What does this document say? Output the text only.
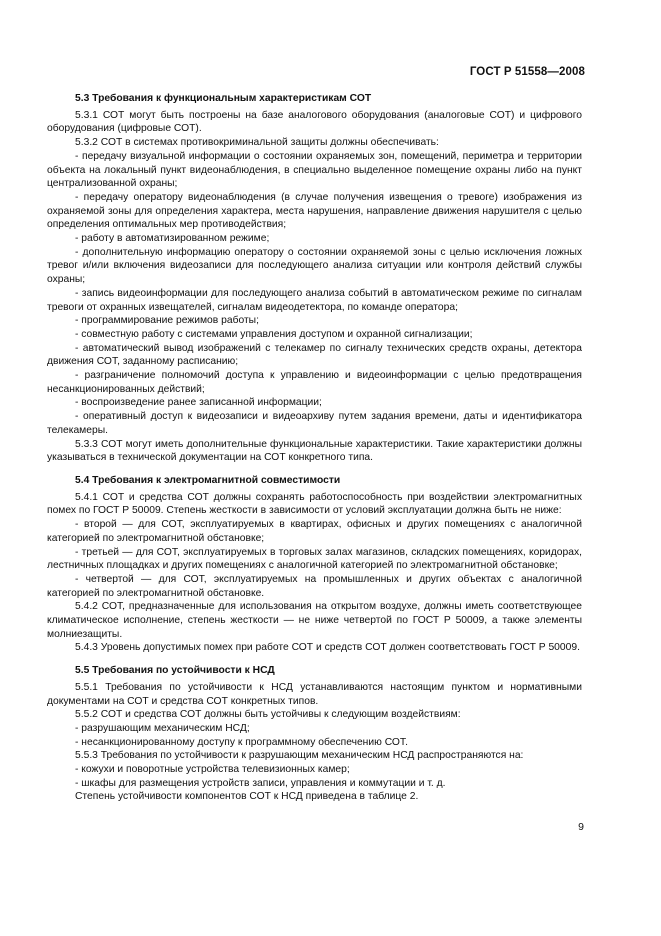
ГОСТ Р 51558—2008
5.3 Требования к функциональным характеристикам СОТ

5.3.1 СОТ могут быть построены на базе аналогового оборудования (аналоговые СОТ) и цифрового оборудования (цифровые СОТ).

5.3.2 СОТ в системах противокриминальной защиты должны обеспечивать:

- передачу визуальной информации о состоянии охраняемых зон, помещений, периметра и территории объекта на локальный пункт видеонаблюдения, в специально выделенное помещение охраны либо на пункт централизованной охраны;

- передачу оператору видеонаблюдения (в случае получения извещения о тревоге) изображения из охраняемой зоны для определения характера, места нарушения, направление движения нарушителя с целью определения оптимальных мер противодействия;

- работу в автоматизированном режиме;

- дополнительную информацию оператору о состоянии охраняемой зоны с целью исключения ложных тревог и/или включения видеозаписи для последующего анализа ситуации или контроля действий службы охраны;

- запись видеоинформации для последующего анализа событий в автоматическом режиме по сигналам тревоги от охранных извещателей, сигналам видеодетектора, по команде оператора;

- программирование режимов работы;

- совместную работу с системами управления доступом и охранной сигнализации;

- автоматический вывод изображений с телекамер по сигналу технических средств охраны, детектора движения СОТ, заданному расписанию;

- разграничение полномочий доступа к управлению и видеоинформации с целью предотвращения несанкционированных действий;

- воспроизведение ранее записанной информации;

- оперативный доступ к видеозаписи и видеоархиву путем задания времени, даты и идентификатора телекамеры.

5.3.3 СОТ могут иметь дополнительные функциональные характеристики. Такие характеристики должны указываться в технической документации на СОТ конкретного типа.

5.4 Требования к электромагнитной совместимости

5.4.1 СОТ и средства СОТ должны сохранять работоспособность при воздействии электромагнитных помех по ГОСТ Р 50009. Степень жесткости в зависимости от условий эксплуатации должна быть не ниже:

- второй — для СОТ, эксплуатируемых в квартирах, офисных и других помещениях с аналогичной категорией по электромагнитной обстановке;

- третьей — для СОТ, эксплуатируемых в торговых залах магазинов, складских помещениях, коридорах, лестничных площадках и других помещениях с аналогичной категорией по электромагнитной обстановке;

- четвертой — для СОТ, эксплуатируемых на промышленных и других объектах с аналогичной категорией по электромагнитной обстановке.

5.4.2 СОТ, предназначенные для использования на открытом воздухе, должны иметь соответствующее климатическое исполнение, степень жесткости — не ниже четвертой по ГОСТ Р 50009, а также элементы молниезащиты.

5.4.3 Уровень допустимых помех при работе СОТ и средств СОТ должен соответствовать ГОСТ Р 50009.

5.5 Требования по устойчивости к НСД

5.5.1 Требования по устойчивости к НСД устанавливаются настоящим пунктом и нормативными документами на СОТ и средства СОТ конкретных типов.

5.5.2 СОТ и средства СОТ должны быть устойчивы к следующим воздействиям:

- разрушающим механическим НСД;

- несанкционированному доступу к программному обеспечению СОТ.

5.5.3 Требования по устойчивости к разрушающим механическим НСД распространяются на:

- кожухи и поворотные устройства телевизионных камер;

- шкафы для размещения устройств записи, управления и коммутации и т. д.

Степень устойчивости компонентов СОТ к НСД приведена в таблице 2.

9
